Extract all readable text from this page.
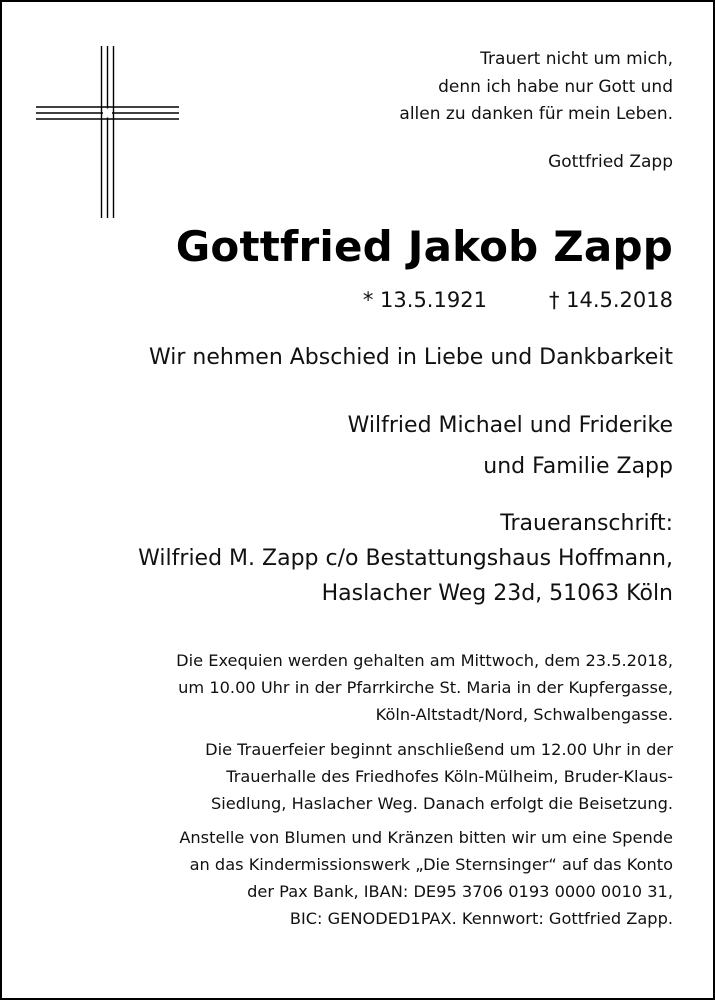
Trauert nicht um mich,
denn ich habe nur Gott und
allen zu danken für mein Leben.
Gottfried Zapp
Gottfried Jakob Zapp
* 13.5.1921	† 14.5.2018
Wir nehmen Abschied in Liebe und Dankbarkeit
Wilfried Michael und Friderike
und Familie Zapp
Traueranschrift:
Wilfried M. Zapp c/o Bestattungshaus Hoffmann,
Haslacher Weg 23d, 51063 Köln

Die Exequien werden gehalten am Mittwoch, dem 23.5.2018,
um 10.00 Uhr in der Pfarrkirche St. Maria in der Kupfergasse,
Köln-Altstadt/Nord, Schwalbengasse.

Die Trauerfeier beginnt anschließend um 12.00 Uhr in der
Trauerhalle des Friedhofes Köln-Mülheim, Bruder-Klaus-
Siedlung, Haslacher Weg. Danach erfolgt die Beisetzung.

Anstelle von Blumen und Kränzen bitten wir um eine Spende
an das Kindermissionswerk „Die Sternsinger“ auf das Konto
der Pax Bank, IBAN: DE95 3706 0193 0000 0010 31,
BIC: GENODED1PAX. Kennwort: Gottfried Zapp.
